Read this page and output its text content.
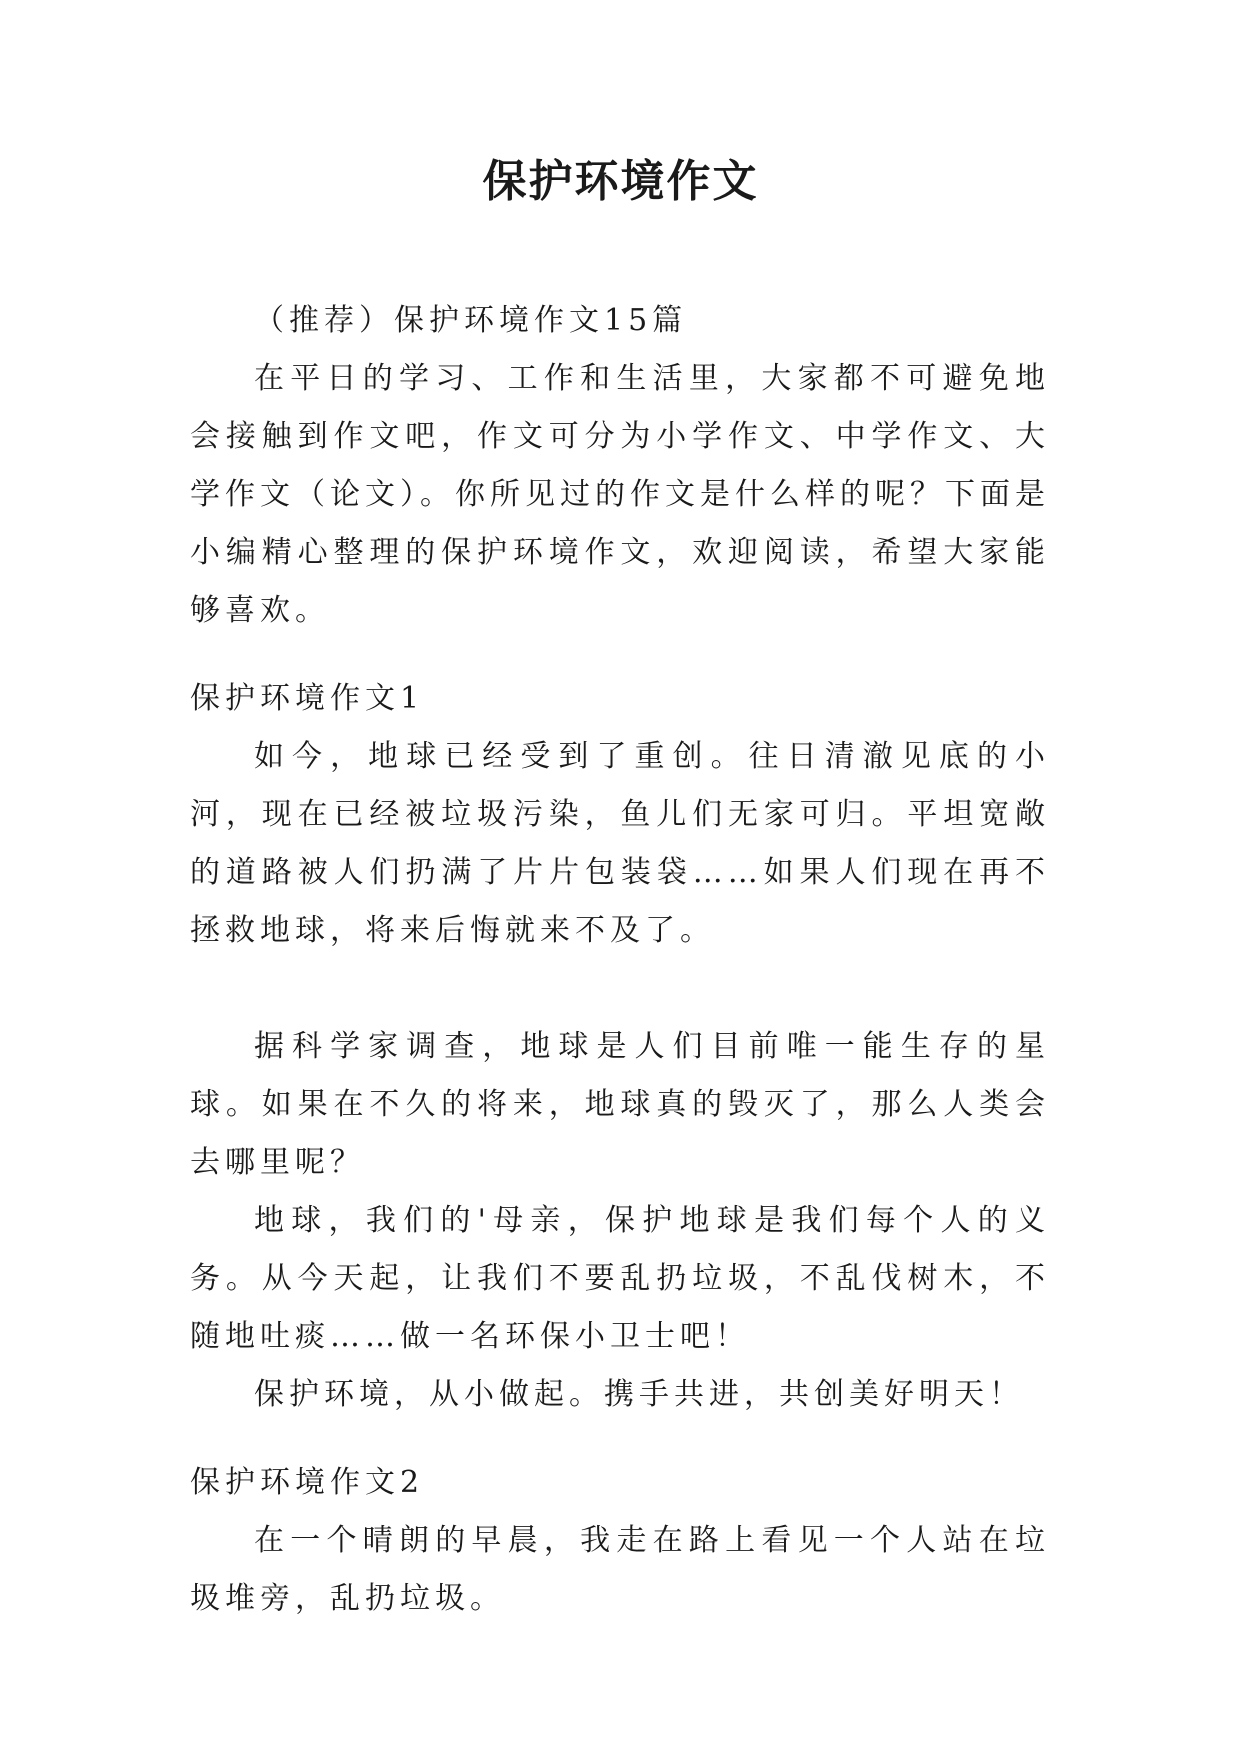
保护环境作文

（推荐）保护环境作文15篇

在平日的学习、工作和生活里，大家都不可避免地会接触到作文吧，作文可分为小学作文、中学作文、大学作文（论文）。你所见过的作文是什么样的呢？下面是小编精心整理的保护环境作文，欢迎阅读，希望大家能够喜欢。

保护环境作文1

如今，地球已经受到了重创。往日清澈见底的小河，现在已经被垃圾污染，鱼儿们无家可归。平坦宽敞的道路被人们扔满了片片包装袋……如果人们现在再不拯救地球，将来后悔就来不及了。

据科学家调查，地球是人们目前唯一能生存的星球。如果在不久的将来，地球真的毁灭了，那么人类会去哪里呢？

地球，我们的'母亲，保护地球是我们每个人的义务。从今天起，让我们不要乱扔垃圾，不乱伐树木，不随地吐痰……做一名环保小卫士吧！

保护环境，从小做起。携手共进，共创美好明天！

保护环境作文2

在一个晴朗的早晨，我走在路上看见一个人站在垃圾堆旁，乱扔垃圾。
